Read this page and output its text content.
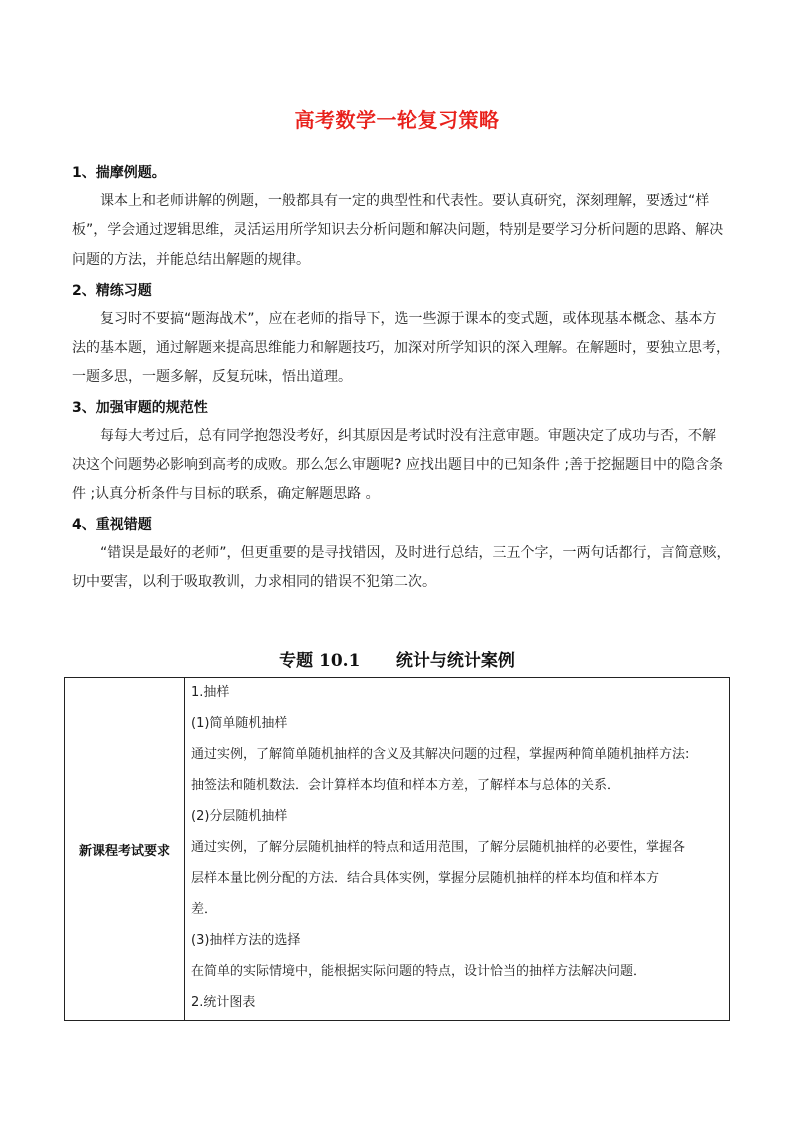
高考数学一轮复习策略
1、揣摩例题。
课本上和老师讲解的例题，一般都具有一定的典型性和代表性。要认真研究，深刻理解，要透过“样
板”，学会通过逻辑思维，灵活运用所学知识去分析问题和解决问题，特别是要学习分析问题的思路、解决
问题的方法，并能总结出解题的规律。
2、精练习题
复习时不要搞“题海战术”，应在老师的指导下，选一些源于课本的变式题，或体现基本概念、基本方
法的基本题，通过解题来提高思维能力和解题技巧，加深对所学知识的深入理解。在解题时，要独立思考，
一题多思，一题多解，反复玩味，悟出道理。
3、加强审题的规范性
每每大考过后，总有同学抱怨没考好，纠其原因是考试时没有注意审题。审题决定了成功与否，不解
决这个问题势必影响到高考的成败。那么怎么审题呢? 应找出题目中的已知条件 ;善于挖掘题目中的隐含条
件 ;认真分析条件与目标的联系，确定解题思路 。
4、重视错题
“错误是最好的老师”，但更重要的是寻找错因，及时进行总结，三五个字，一两句话都行，言简意赅，
切中要害，以利于吸取教训，力求相同的错误不犯第二次。
专题 10.1      统计与统计案例
新课程考试要求
1.抽样
(1)简单随机抽样
通过实例，了解简单随机抽样的含义及其解决问题的过程，掌握两种简单随机抽样方法:
抽签法和随机数法．会计算样本均值和样本方差，了解样本与总体的关系．
(2)分层随机抽样
通过实例，了解分层随机抽样的特点和适用范围，了解分层随机抽样的必要性，掌握各
层样本量比例分配的方法．结合具体实例，掌握分层随机抽样的样本均值和样本方
差．
(3)抽样方法的选择
在简单的实际情境中，能根据实际问题的特点，设计恰当的抽样方法解决问题．
2.统计图表
